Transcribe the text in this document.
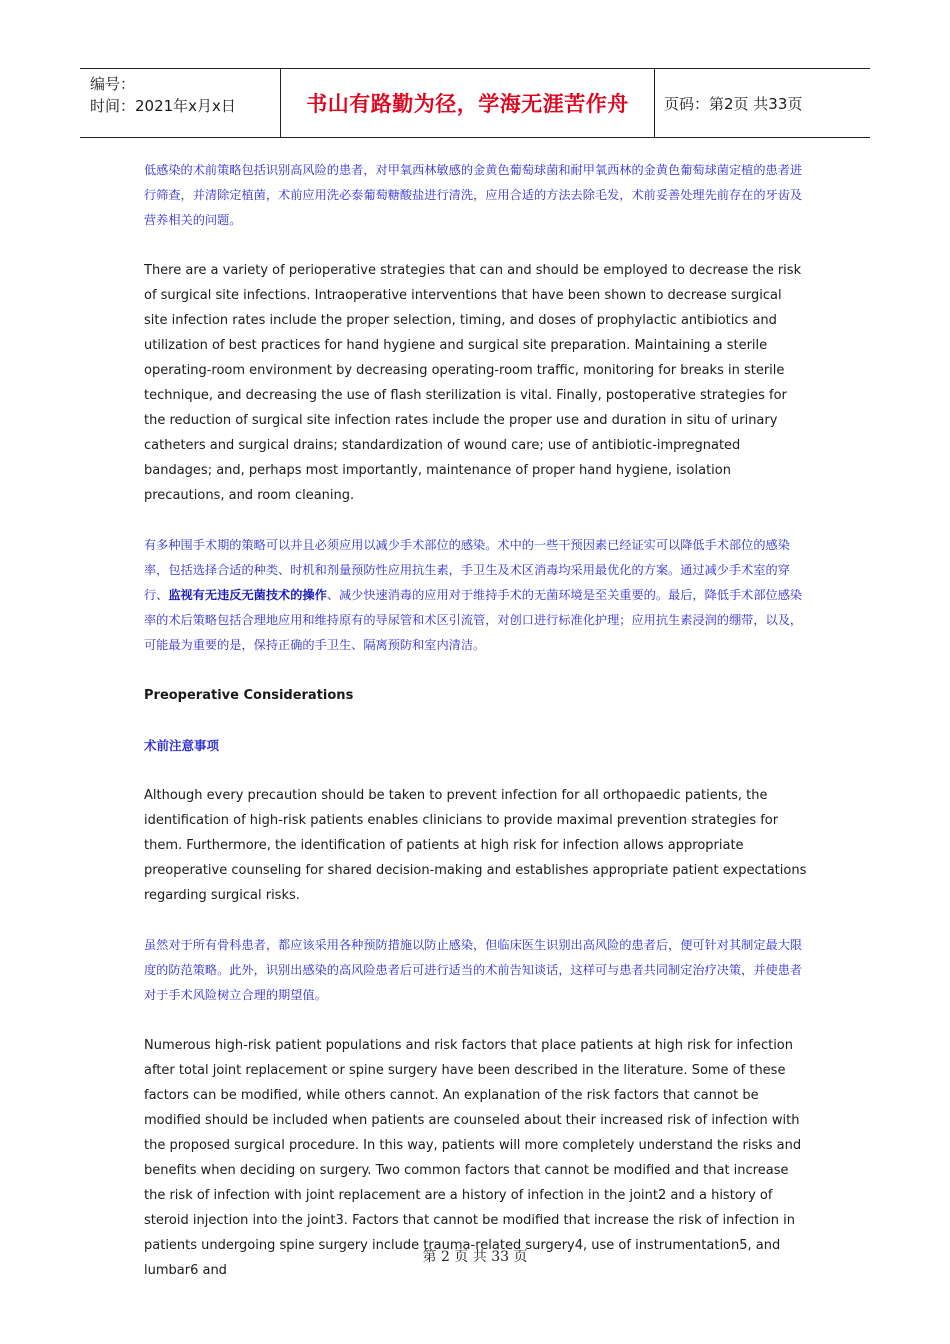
编号：
时间：2021年x月x日	书山有路勤为径，学海无涯苦作舟 页码：第2页 共33页

低感染的术前策略包括识别高风险的患者，对甲氧西林敏感的金黄色葡萄球菌和耐甲氧西林的金黄色葡萄球菌定植的患者进行筛查，并清除定植菌，术前应用洗必泰葡萄糖酸盐进行清洗，应用合适的方法去除毛发，术前妥善处理先前存在的牙齿及营养相关的问题。

There are a variety of perioperative strategies that can and should be employed to decrease the risk of surgical site infections. Intraoperative interventions that have been shown to decrease surgical site infection rates include the proper selection, timing, and doses of prophylactic antibiotics and utilization of best practices for hand hygiene and surgical site preparation. Maintaining a sterile operating-room environment by decreasing operating-room traffic, monitoring for breaks in sterile technique, and decreasing the use of flash sterilization is vital. Finally, postoperative strategies for the reduction of surgical site infection rates include the proper use and duration in situ of urinary catheters and surgical drains; standardization of wound care; use of antibiotic-impregnated bandages; and, perhaps most importantly, maintenance of proper hand hygiene, isolation precautions, and room cleaning.

有多种围手术期的策略可以并且必须应用以减少手术部位的感染。术中的一些干预因素已经证实可以降低手术部位的感染率，包括选择合适的种类、时机和剂量预防性应用抗生素，手卫生及术区消毒均采用最优化的方案。通过减少手术室的穿行、监视有无违反无菌技术的操作、减少快速消毒的应用对于维持手术的无菌环境是至关重要的。最后，降低手术部位感染率的术后策略包括合理地应用和维持原有的导尿管和术区引流管，对创口进行标准化护理；应用抗生素浸润的绷带，以及，可能最为重要的是，保持正确的手卫生、隔离预防和室内清洁。

Preoperative Considerations
术前注意事项

Although every precaution should be taken to prevent infection for all orthopaedic patients, the identification of high-risk patients enables clinicians to provide maximal prevention strategies for them. Furthermore, the identification of patients at high risk for infection allows appropriate preoperative counseling for shared decision-making and establishes appropriate patient expectations regarding surgical risks.

虽然对于所有骨科患者，都应该采用各种预防措施以防止感染，但临床医生识别出高风险的患者后，便可针对其制定最大限度的防范策略。此外，识别出感染的高风险患者后可进行适当的术前告知谈话，这样可与患者共同制定治疗决策，并使患者对于手术风险树立合理的期望值。

Numerous high-risk patient populations and risk factors that place patients at high risk for infection after total joint replacement or spine surgery have been described in the literature. Some of these factors can be modified, while others cannot. An explanation of the risk factors that cannot be modified should be included when patients are counseled about their increased risk of infection with the proposed surgical procedure. In this way, patients will more completely understand the risks and benefits when deciding on surgery. Two common factors that cannot be modified and that increase the risk of infection with joint replacement are a history of infection in the joint2 and a history of steroid injection into the joint3. Factors that cannot be modified that increase the risk of infection in patients undergoing spine surgery include trauma-related surgery4, use of instrumentation5, and lumbar6 and

第 2 页 共 33 页
